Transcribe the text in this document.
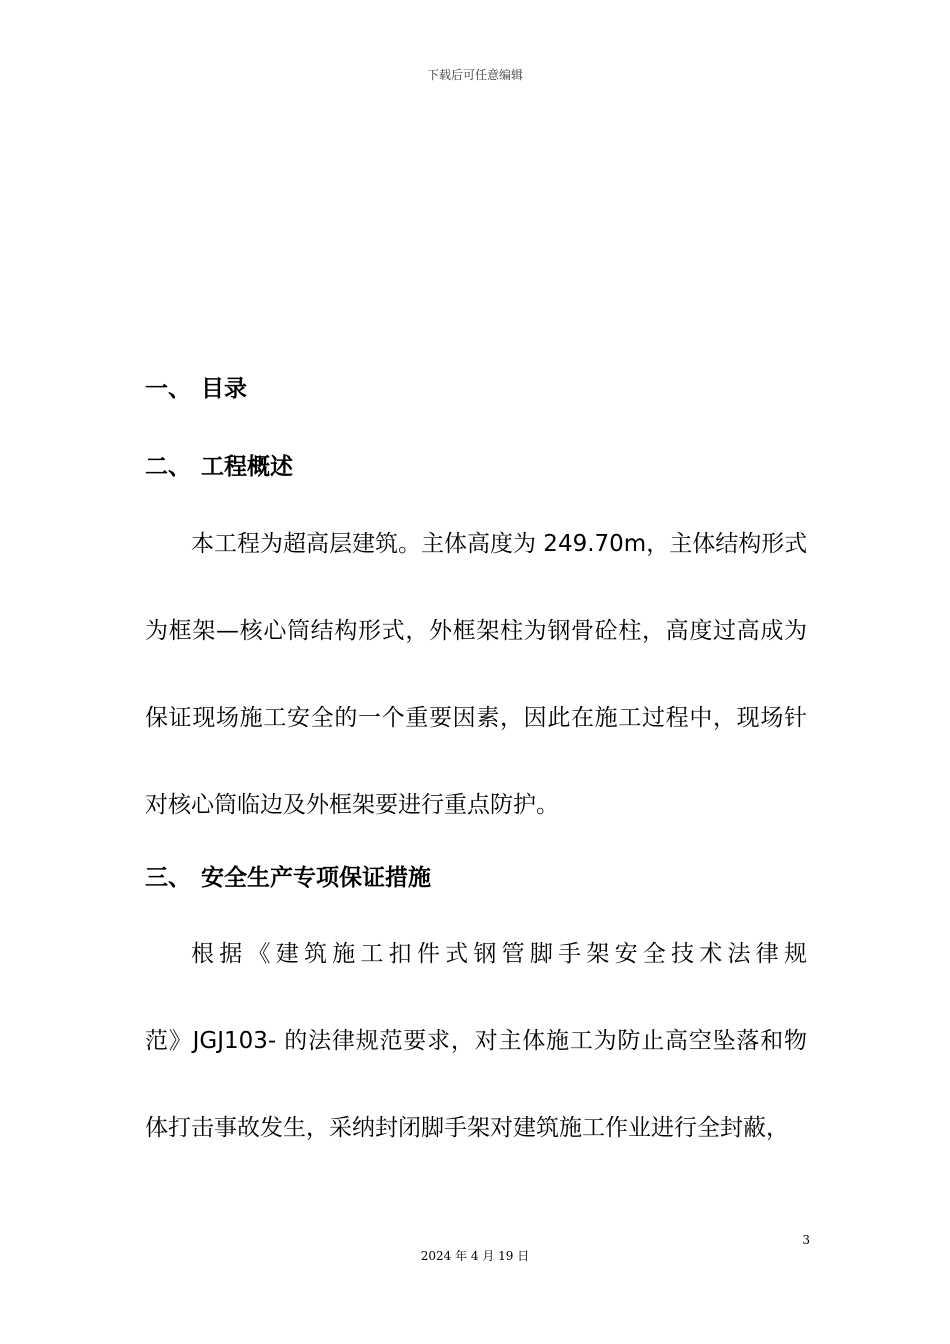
下载后可任意编辑
一、 目录
二、 工程概述
本工程为超高层建筑。主体高度为 249.70m，主体结构形式
为框架—核心筒结构形式，外框架柱为钢骨砼柱，高度过高成为
保证现场施工安全的一个重要因素，因此在施工过程中，现场针
对核心筒临边及外框架要进行重点防护。
三、 安全生产专项保证措施
根据《建筑施工扣件式钢管脚手架安全技术法律规
范》JGJ103- 的法律规范要求，对主体施工为防止高空坠落和物
体打击事故发生，采纳封闭脚手架对建筑施工作业进行全封蔽，
3
2024 年 4 月 19 日
